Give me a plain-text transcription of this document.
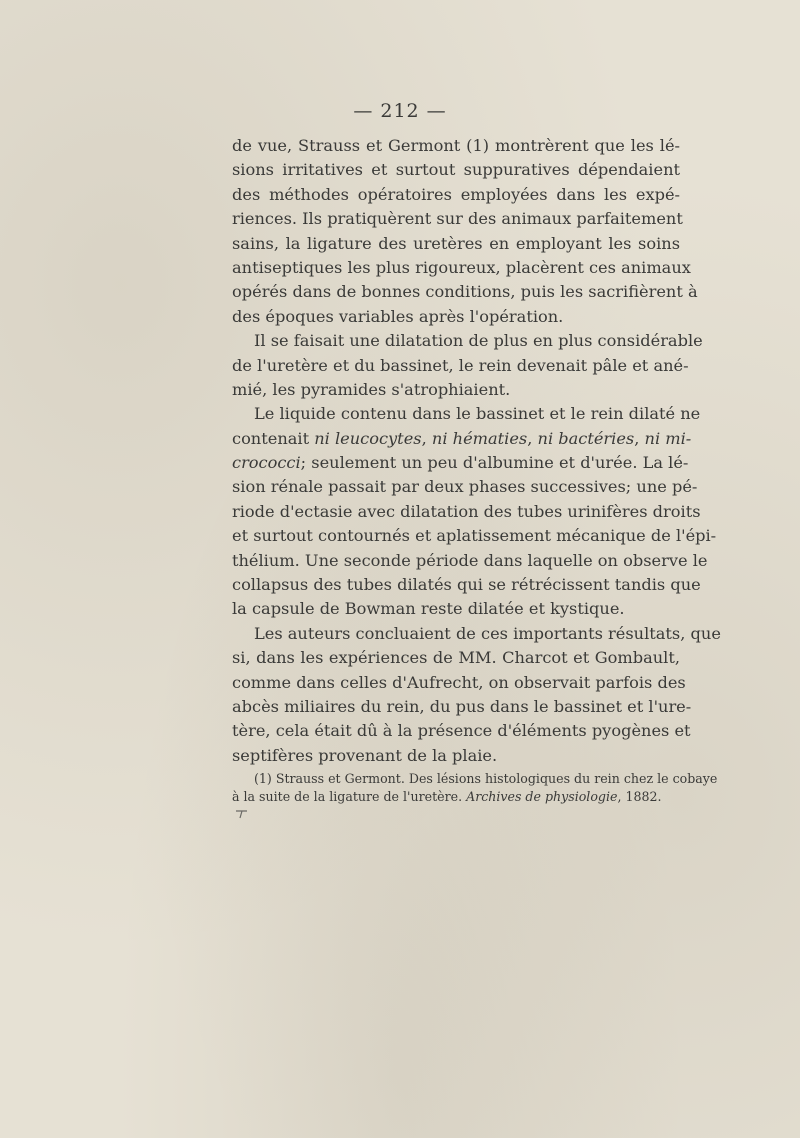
— 212 —
de vue, Strauss et Germont (1) montrèrent que les lé-
sions irritatives et surtout suppuratives dépendaient
des méthodes opératoires employées dans les expé-
riences. Ils pratiquèrent sur des animaux parfaitement
sains, la ligature des uretères en employant les soins
antiseptiques les plus rigoureux, placèrent ces animaux
opérés dans de bonnes conditions, puis les sacrifièrent à
des époques variables après l'opération.
Il se faisait une dilatation de plus en plus considérable
de l'uretère et du bassinet, le rein devenait pâle et ané-
mié, les pyramides s'atrophiaient.
Le liquide contenu dans le bassinet et le rein dilaté ne
contenait ni leucocytes, ni hématies, ni bactéries, ni mi-
crococci; seulement un peu d'albumine et d'urée. La lé-
sion rénale passait par deux phases successives; une pé-
riode d'ectasie avec dilatation des tubes urinifères droits
et surtout contournés et aplatissement mécanique de l'épi-
thélium. Une seconde période dans laquelle on observe le
collapsus des tubes dilatés qui se rétrécissent tandis que
la capsule de Bowman reste dilatée et kystique.
Les auteurs concluaient de ces importants résultats, que
si, dans les expériences de MM. Charcot et Gombault,
comme dans celles d'Aufrecht, on observait parfois des
abcès miliaires du rein, du pus dans le bassinet et l'ure-
tère, cela était dû à la présence d'éléments pyogènes et
septifères provenant de la plaie.
(1) Strauss et Germont. Des lésions histologiques du rein chez le cobaye
à la suite de la ligature de l'uretère. Archives de physiologie, 1882.
